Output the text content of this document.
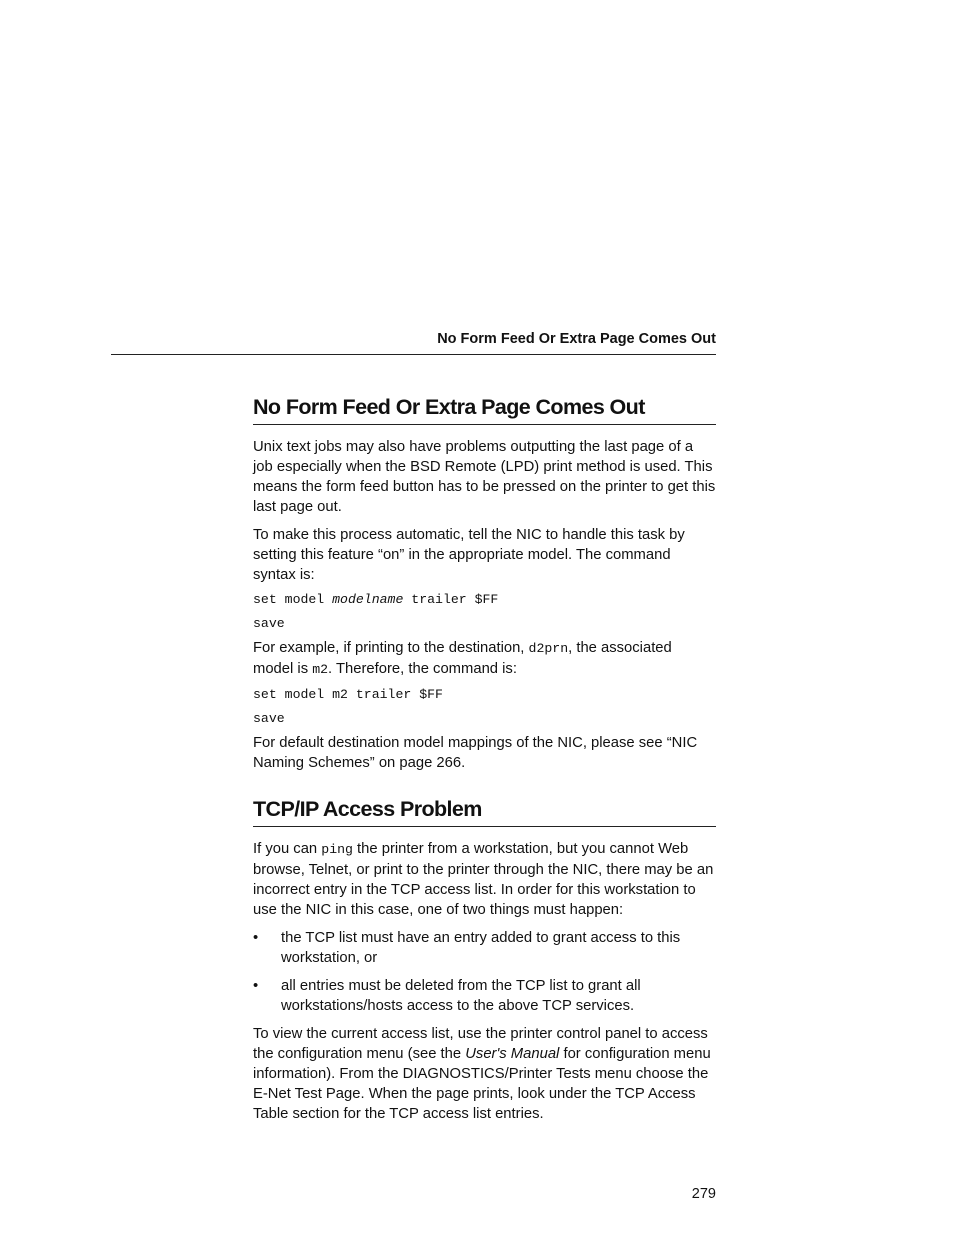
No Form Feed Or Extra Page Comes Out
No Form Feed Or Extra Page Comes Out

Unix text jobs may also have problems outputting the last page of a job especially when the BSD Remote (LPD) print method is used. This means the form feed button has to be pressed on the printer to get this last page out.

To make this process automatic, tell the NIC to handle this task by setting this feature “on” in the appropriate model. The command syntax is:

set model modelname trailer $FF
save

For example, if printing to the destination, d2prn, the associated model is m2. Therefore, the command is:

set model m2 trailer $FF
save

For default destination model mappings of the NIC, please see “NIC Naming Schemes” on page 266.

TCP/IP Access Problem

If you can ping the printer from a workstation, but you cannot Web browse, Telnet, or print to the printer through the NIC, there may be an incorrect entry in the TCP access list. In order for this workstation to use the NIC in this case, one of two things must happen:

• the TCP list must have an entry added to grant access to this workstation, or
• all entries must be deleted from the TCP list to grant all workstations/hosts access to the above TCP services.

To view the current access list, use the printer control panel to access the configuration menu (see the User's Manual for configuration menu information). From the DIAGNOSTICS/Printer Tests menu choose the E-Net Test Page. When the page prints, look under the TCP Access Table section for the TCP access list entries.

279
